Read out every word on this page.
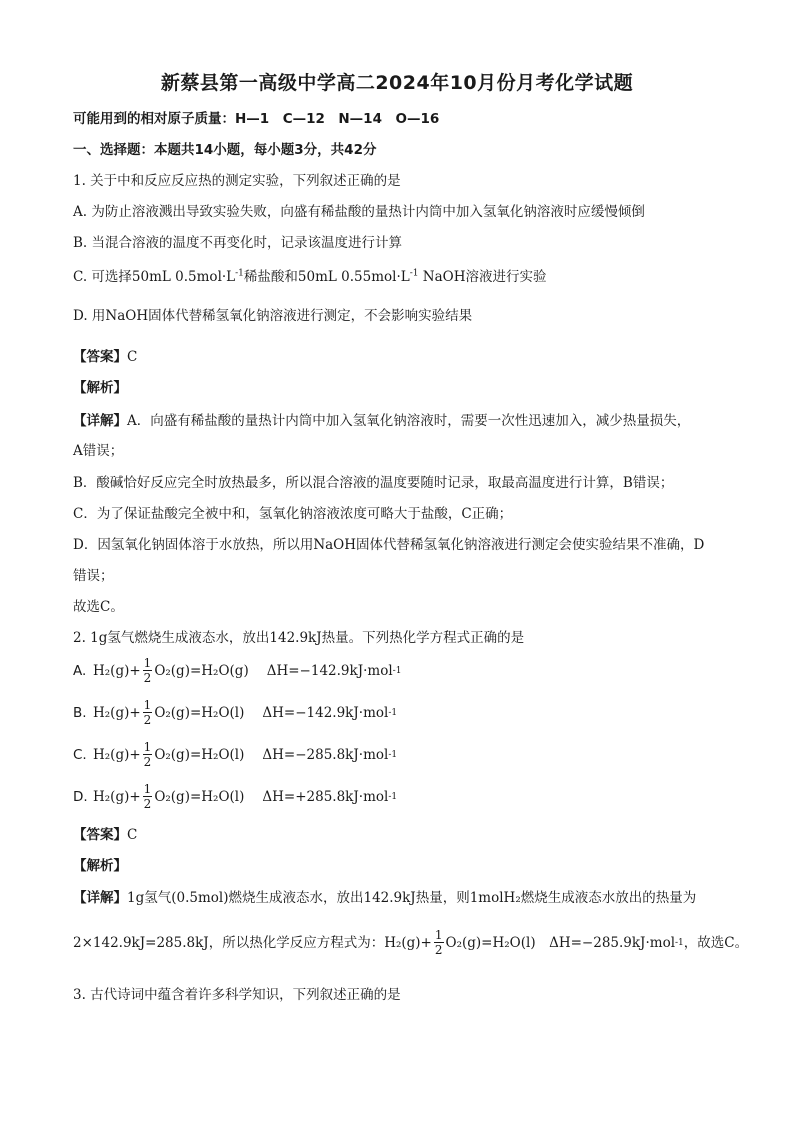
新蔡县第一高级中学高二2024年10月份月考化学试题
可能用到的相对原子质量：H—1　C—12　N—14　O—16
一、选择题：本题共14小题，每小题3分，共42分
1. 关于中和反应反应热的测定实验，下列叙述正确的是
A. 为防止溶液溅出导致实验失败，向盛有稀盐酸的量热计内筒中加入氢氧化钠溶液时应缓慢倾倒
B. 当混合溶液的温度不再变化时，记录该温度进行计算
C. 可选择50mL $0.5mol\cdot L^{-1}$稀盐酸和50mL $0.55mol\cdot L^{-1}$ NaOH溶液进行实验
D. 用NaOH固体代替稀氢氧化钠溶液进行测定，不会影响实验结果
【答案】C
【解析】
【详解】A．向盛有稀盐酸的量热计内筒中加入氢氧化钠溶液时，需要一次性迅速加入，减少热量损失，
A错误；
B．酸碱恰好反应完全时放热最多，所以混合溶液的温度要随时记录，取最高温度进行计算，B错误；
C．为了保证盐酸完全被中和，氢氧化钠溶液浓度可略大于盐酸，C正确；
D．因氢氧化钠固体溶于水放热，所以用NaOH固体代替稀氢氧化钠溶液进行测定会使实验结果不准确，D
错误；
故选C。
2. 1g氢气燃烧生成液态水，放出142.9kJ热量。下列热化学方程式正确的是
A. $H_2(g)+ \frac{1}{2} O_2(g)=H_2O(g)$ ΔH=−142.9kJ·mol -1
B. $H_2(g)+ \frac{1}{2} O_2(g)=H_2O(l)$ ΔH=−142.9kJ·mol -1
C. $H_2(g)+ \frac{1}{2} O_2(g)=H_2O(l)$ ΔH=−285.8kJ·mol -1
D. $H_2(g)+ \frac{1}{2} O_2(g)=H_2O(l)$ ΔH=+285.8kJ·mol -1
【答案】C
【解析】
【详解】1g氢气(0.5mol)燃烧生成液态水，放出142.9kJ热量，则1molH₂燃烧生成液态水放出的热量为
2×142.9kJ=285.8kJ，所以热化学反应方程式为：$H_2(g)+ \frac{1}{2} O_2(g)=H_2O(l)$　ΔH=−285.9kJ·mol -1 ，故选C。
3. 古代诗词中蕴含着许多科学知识，下列叙述正确的是
